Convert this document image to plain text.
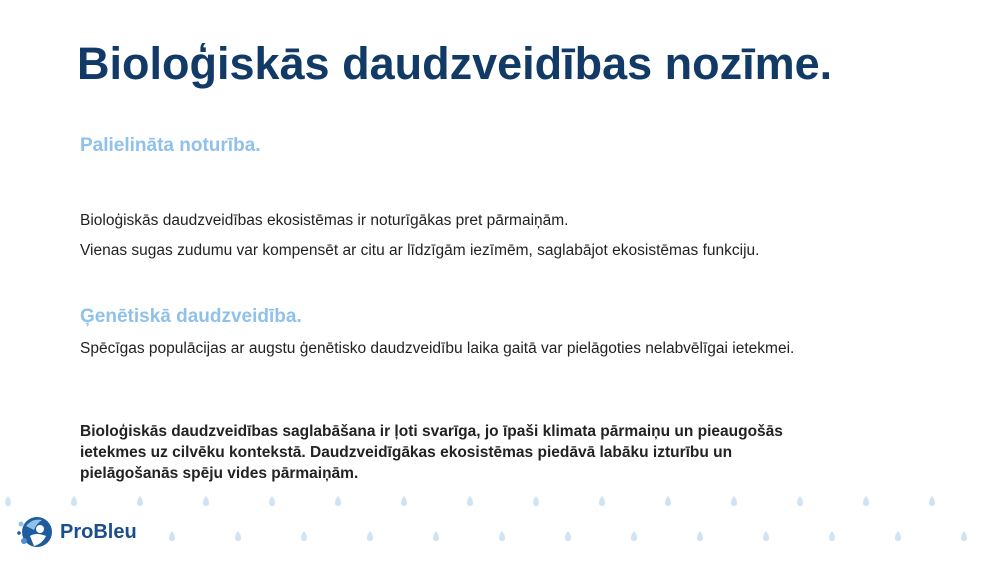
Bioloģiskās daudzveidības nozīme.
Palielināta noturība.

Bioloģiskās daudzveidības ekosistēmas ir noturīgākas pret pārmaiņām.

Vienas sugas zudumu var kompensēt ar citu ar līdzīgām iezīmēm, saglabājot ekosistēmas funkciju.

Ģenētiskā daudzveidība.

Spēcīgas populācijas ar augstu ģenētisko daudzveidību laika gaitā var pielāgoties nelabvēlīgai ietekmei.

Bioloģiskās daudzveidības saglabāšana ir ļoti svarīga, jo īpaši klimata pārmaiņu un pieaugošās ietekmes uz cilvēku kontekstā. Daudzveidīgākas ekosistēmas piedāvā labāku izturību un pielāgošanās spēju vides pārmaiņām.

ProBleu
